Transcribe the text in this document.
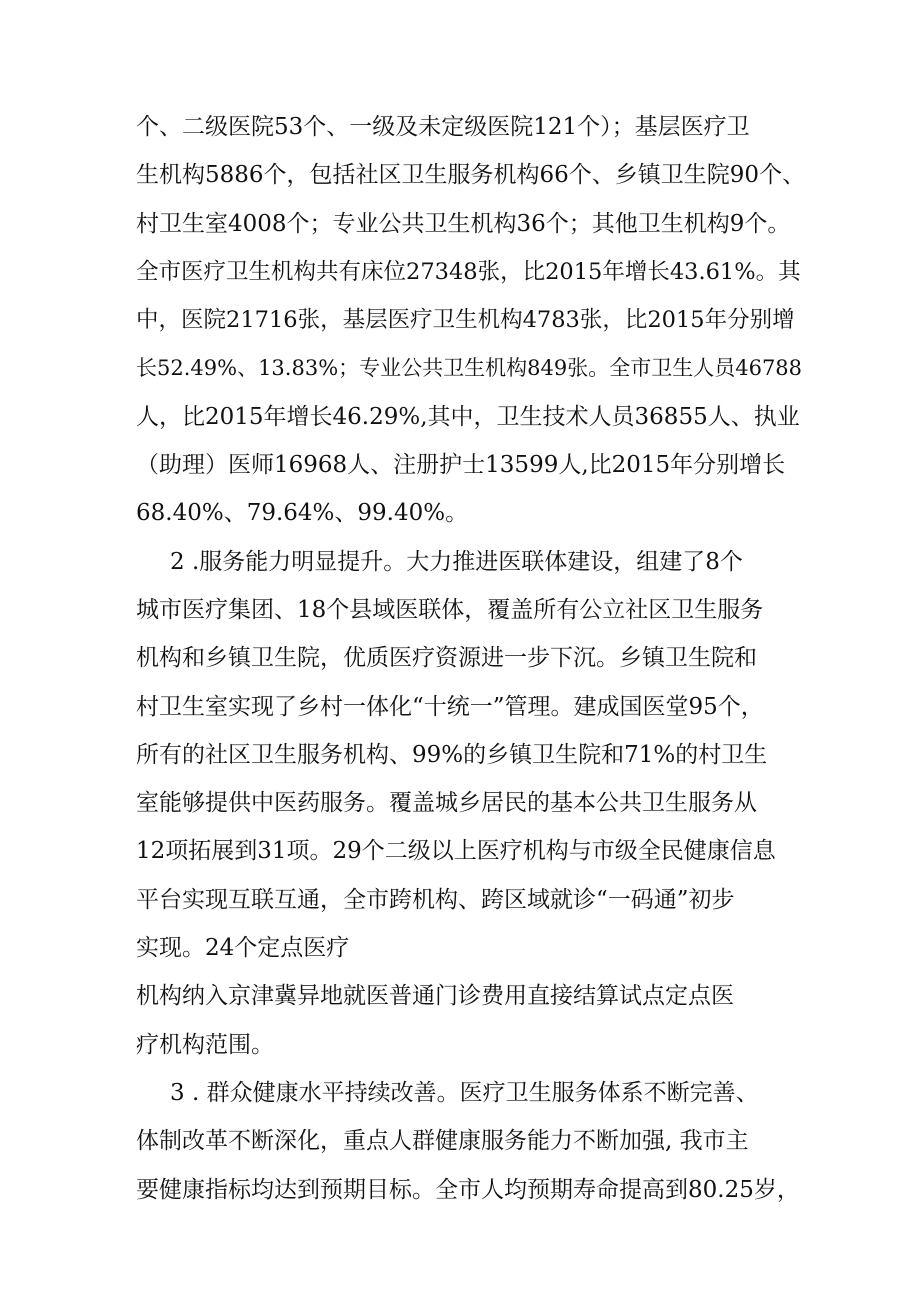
个、二级医院53个、一级及未定级医院121个）；基层医疗卫
生机构5886个，包括社区卫生服务机构66个、乡镇卫生院90个、
村卫生室4008个；专业公共卫生机构36个；其他卫生机构9个。
全市医疗卫生机构共有床位27348张，比2015年增长43.61%。其
中，医院21716张，基层医疗卫生机构4783张，比2015年分别增
长52.49%、13.83%；专业公共卫生机构849张。全市卫生人员46788
人，比2015年增长46.29%,其中，卫生技术人员36855人、执业
（助理）医师16968人、注册护士13599人,比2015年分别增长
68.40%、79.64%、99.40%。
2 .服务能力明显提升。大力推进医联体建设，组建了8个
城市医疗集团、18个县域医联体，覆盖所有公立社区卫生服务
机构和乡镇卫生院，优质医疗资源进一步下沉。乡镇卫生院和
村卫生室实现了乡村一体化“十统一”管理。建成国医堂95个，
所有的社区卫生服务机构、99%的乡镇卫生院和71%的村卫生
室能够提供中医药服务。覆盖城乡居民的基本公共卫生服务从
12项拓展到31项。29个二级以上医疗机构与市级全民健康信息
平台实现互联互通，全市跨机构、跨区域就诊“一码通”初步
实现。24个定点医疗
机构纳入京津冀异地就医普通门诊费用直接结算试点定点医
疗机构范围。
3 . 群众健康水平持续改善。医疗卫生服务体系不断完善、
体制改革不断深化，重点人群健康服务能力不断加强, 我市主
要健康指标均达到预期目标。全市人均预期寿命提高到80.25岁，
